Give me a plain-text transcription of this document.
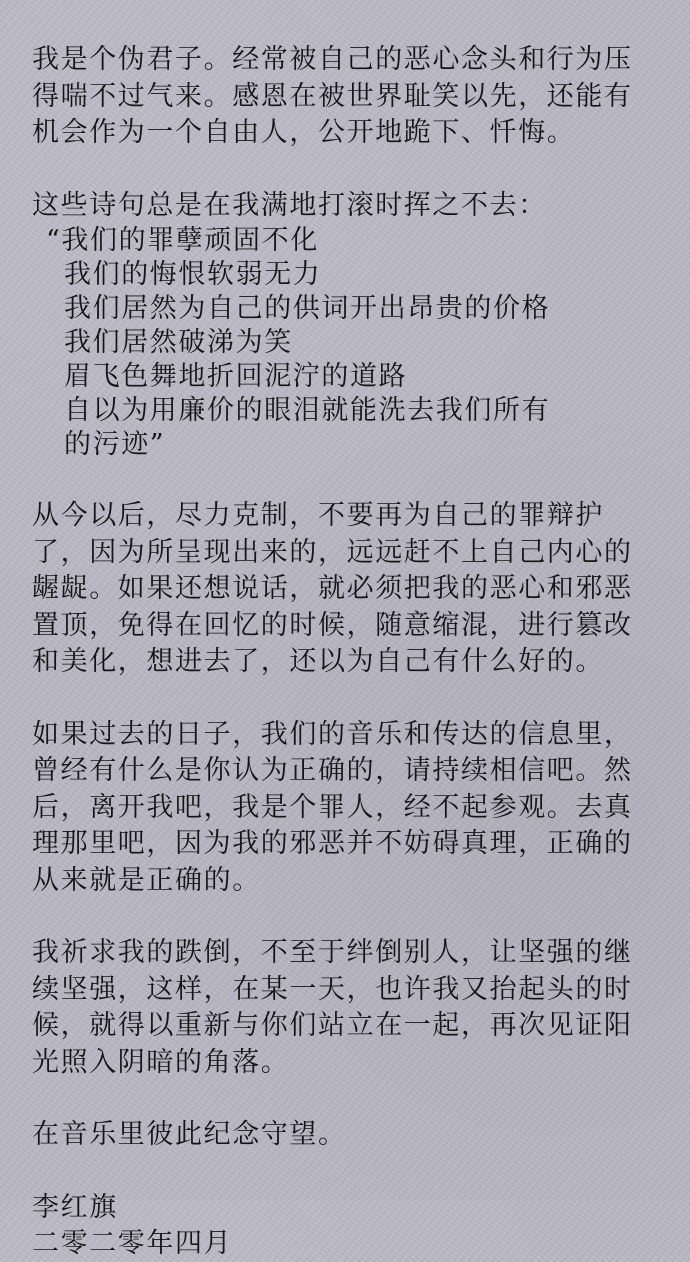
我是个伪君子。经常被自己的恶心念头和行为压得喘不过气来。感恩在被世界耻笑以先，还能有机会作为一个自由人，公开地跪下、忏悔。

这些诗句总是在我满地打滚时挥之不去：

“我们的罪孽顽固不化
我们的悔恨软弱无力
我们居然为自己的供词开出昂贵的价格
我们居然破涕为笑
眉飞色舞地折回泥泞的道路
自以为用廉价的眼泪就能洗去我们所有
的污迹”

从今以后，尽力克制，不要再为自己的罪辩护了，因为所呈现出来的，远远赶不上自己内心的龌龊。如果还想说话，就必须把我的恶心和邪恶置顶，免得在回忆的时候，随意缩混，进行篡改和美化，想进去了，还以为自己有什么好的。

如果过去的日子，我们的音乐和传达的信息里，曾经有什么是你认为正确的，请持续相信吧。然后，离开我吧，我是个罪人，经不起参观。去真理那里吧，因为我的邪恶并不妨碍真理，正确的从来就是正确的。

我祈求我的跌倒，不至于绊倒别人，让坚强的继续坚强，这样，在某一天，也许我又抬起头的时候，就得以重新与你们站立在一起，再次见证阳光照入阴暗的角落。

在音乐里彼此纪念守望。

李红旗

二零二零年四月
